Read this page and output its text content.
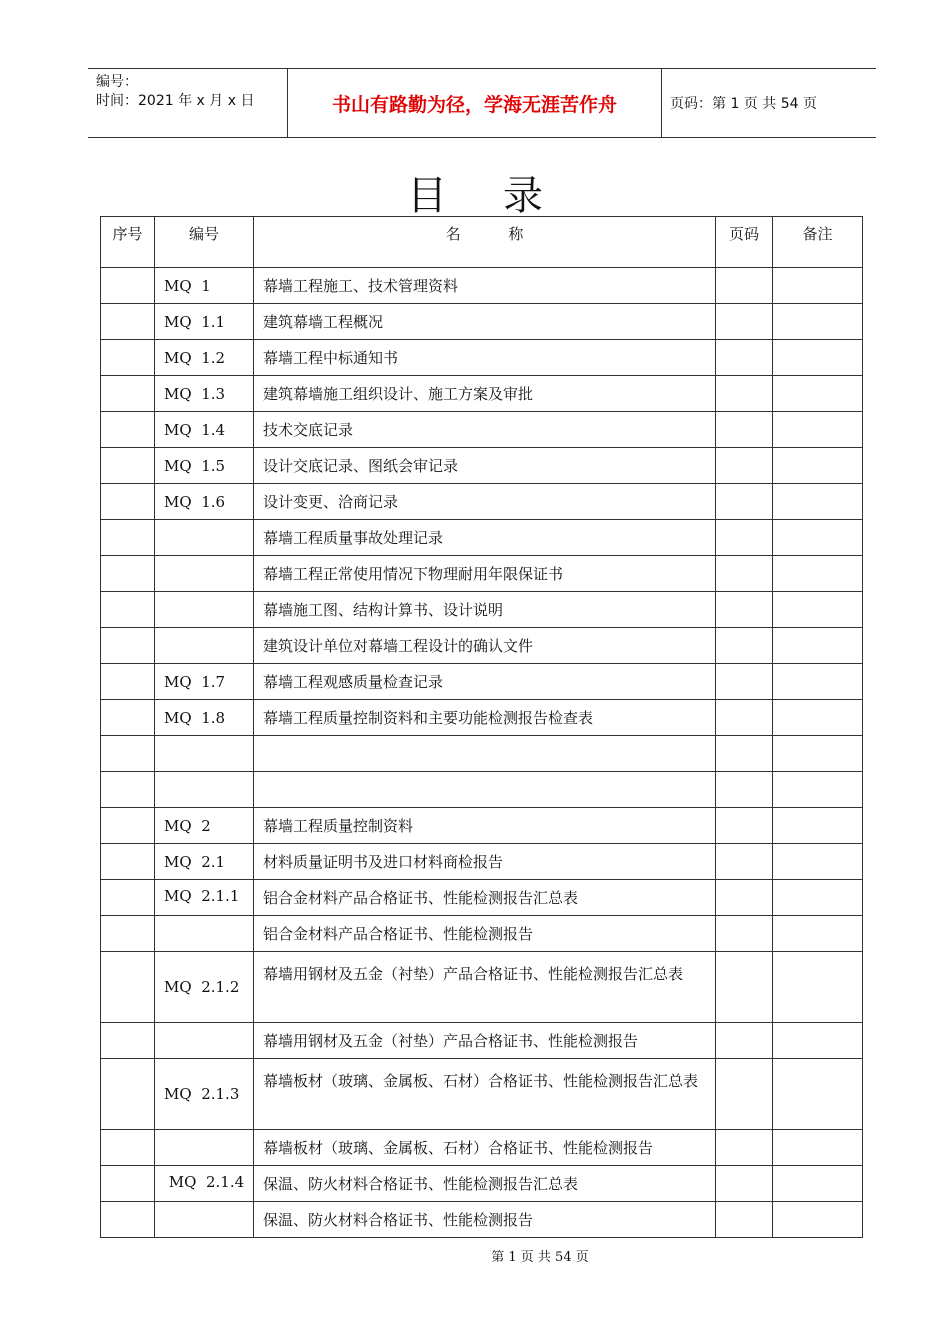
编号：
时间：2021 年 x 月 x 日	书山有路勤为径，学海无涯苦作舟	页码：第 1 页 共 54 页
目录
序号	编号	名          称	页码	备注
	MQ  1	幕墙工程施工、技术管理资料		
	MQ  1.1	建筑幕墙工程概况		
	MQ  1.2	幕墙工程中标通知书		
	MQ  1.3	建筑幕墙施工组织设计、施工方案及审批		
	MQ  1.4	技术交底记录		
	MQ  1.5	设计交底记录、图纸会审记录		
	MQ  1.6	设计变更、洽商记录		
		幕墙工程质量事故处理记录		
		幕墙工程正常使用情况下物理耐用年限保证书		
		幕墙施工图、结构计算书、设计说明		
		建筑设计单位对幕墙工程设计的确认文件		
	MQ  1.7	幕墙工程观感质量检查记录		
	MQ  1.8	幕墙工程质量控制资料和主要功能检测报告检查表		

	MQ  2	幕墙工程质量控制资料		
	MQ  2.1	材料质量证明书及进口材料商检报告		
	MQ  2.1.1	铝合金材料产品合格证书、性能检测报告汇总表		
		铝合金材料产品合格证书、性能检测报告		
	MQ  2.1.2	幕墙用钢材及五金（衬垫）产品合格证书、性能检测报告汇总表		
		幕墙用钢材及五金（衬垫）产品合格证书、性能检测报告		
	MQ  2.1.3	幕墙板材（玻璃、金属板、石材）合格证书、性能检测报告汇总表		
		幕墙板材（玻璃、金属板、石材）合格证书、性能检测报告		
	MQ  2.1.4	保温、防火材料合格证书、性能检测报告汇总表		
		保温、防火材料合格证书、性能检测报告		
第 1 页 共 54 页
